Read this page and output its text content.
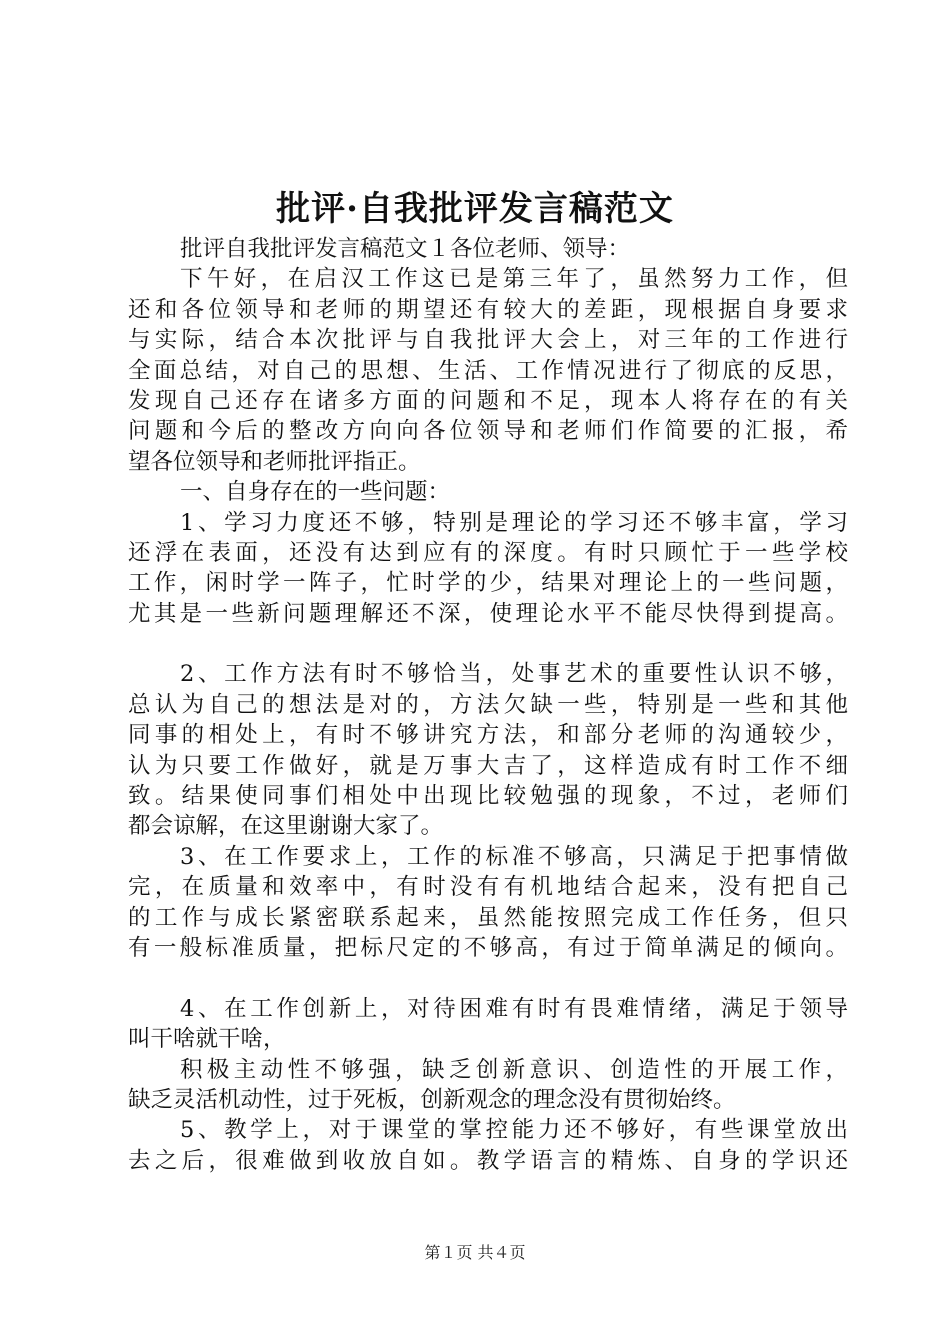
批评·自我批评发言稿范文
批评自我批评发言稿范文１各位老师、领导：
下午好，在启汉工作这已是第三年了，虽然努力工作，但
还和各位领导和老师的期望还有较大的差距，现根据自身要求
与实际，结合本次批评与自我批评大会上，对三年的工作进行
全面总结，对自己的思想、生活、工作情况进行了彻底的反思，
发现自己还存在诸多方面的问题和不足，现本人将存在的有关
问题和今后的整改方向向各位领导和老师们作简要的汇报，希
望各位领导和老师批评指正。
一、自身存在的一些问题：
1、学习力度还不够，特别是理论的学习还不够丰富，学习
还浮在表面，还没有达到应有的深度。有时只顾忙于一些学校
工作，闲时学一阵子，忙时学的少，结果对理论上的一些问题，
尤其是一些新问题理解还不深，使理论水平不能尽快得到提高。
2、工作方法有时不够恰当，处事艺术的重要性认识不够，
总认为自己的想法是对的，方法欠缺一些，特别是一些和其他
同事的相处上，有时不够讲究方法，和部分老师的沟通较少，
认为只要工作做好，就是万事大吉了，这样造成有时工作不细
致。结果使同事们相处中出现比较勉强的现象，不过，老师们
都会谅解，在这里谢谢大家了。
3、在工作要求上，工作的标准不够高，只满足于把事情做
完，在质量和效率中，有时没有有机地结合起来，没有把自己
的工作与成长紧密联系起来，虽然能按照完成工作任务，但只
有一般标准质量，把标尺定的不够高，有过于简单满足的倾向。
4、在工作创新上，对待困难有时有畏难情绪，满足于领导
叫干啥就干啥，
积极主动性不够强，缺乏创新意识、创造性的开展工作，
缺乏灵活机动性，过于死板，创新观念的理念没有贯彻始终。
5、教学上，对于课堂的掌控能力还不够好，有些课堂放出
去之后，很难做到收放自如。教学语言的精炼、自身的学识还
第１页 共４页
